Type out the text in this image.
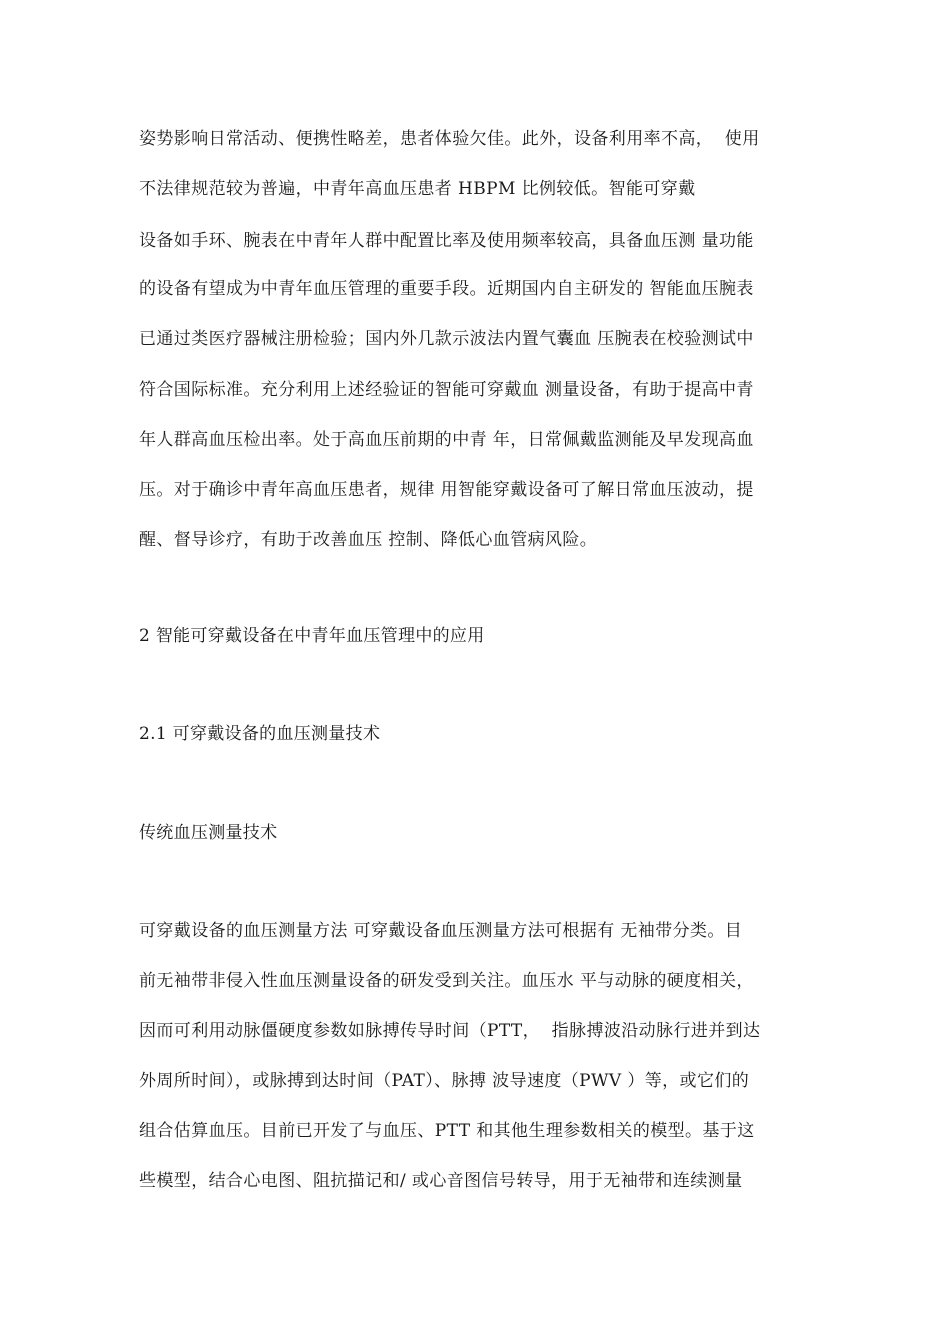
姿势影响日常活动、便携性略差，患者体验欠佳。此外，设备利用率不高，  使用
不法律规范较为普遍，中青年高血压患者 HBPM 比例较低。智能可穿戴
设备如手环、腕表在中青年人群中配置比率及使用频率较高，具备血压测 量功能
的设备有望成为中青年血压管理的重要手段。近期国内自主研发的 智能血压腕表
已通过类医疗器械注册检验；国内外几款示波法内置气囊血 压腕表在校验测试中
符合国际标准。充分利用上述经验证的智能可穿戴血 测量设备，有助于提高中青
年人群高血压检出率。处于高血压前期的中青 年，日常佩戴监测能及早发现高血
压。对于确诊中青年高血压患者，规律 用智能穿戴设备可了解日常血压波动，提
醒、督导诊疗，有助于改善血压 控制、降低心血管病风险。
2 智能可穿戴设备在中青年血压管理中的应用
2.1 可穿戴设备的血压测量技术
传统血压测量技术
可穿戴设备的血压测量方法 可穿戴设备血压测量方法可根据有 无袖带分类。目
前无袖带非侵入性血压测量设备的研发受到关注。血压水 平与动脉的硬度相关，
因而可利用动脉僵硬度参数如脉搏传导时间（PTT，  指脉搏波沿动脉行进并到达
外周所时间），或脉搏到达时间（PAT）、脉搏 波导速度（PWV ）等，或它们的
组合估算血压。目前已开发了与血压、PTT 和其他生理参数相关的模型。基于这
些模型，结合心电图、阻抗描记和/ 或心音图信号转导，用于无袖带和连续测量
